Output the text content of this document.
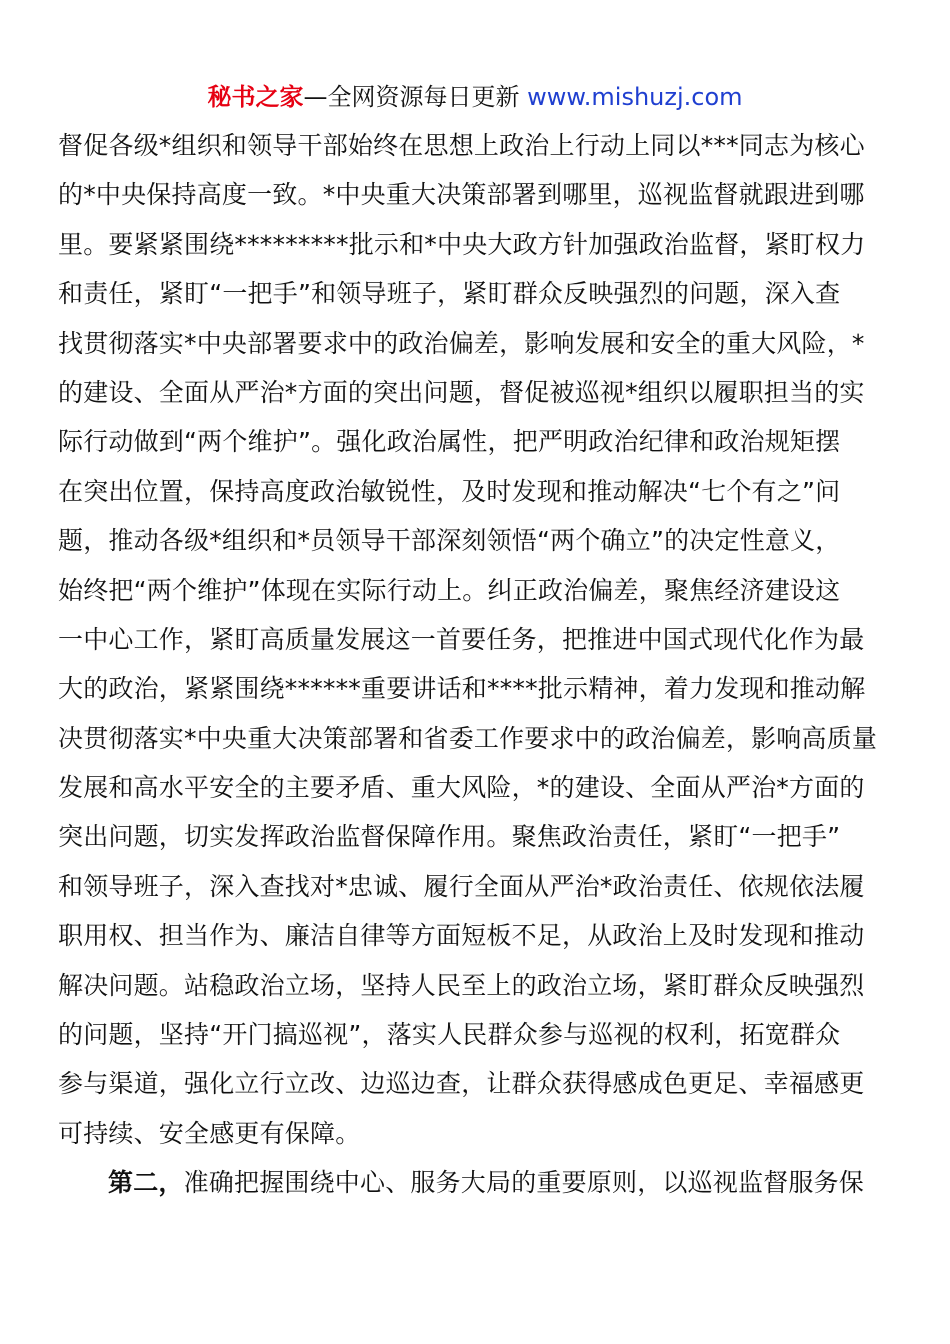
秘书之家—全网资源每日更新 www.mishuzj.com
督促各级*组织和领导干部始终在思想上政治上行动上同以***同志为核心
的*中央保持高度一致。*中央重大决策部署到哪里，巡视监督就跟进到哪
里。要紧紧围绕*********批示和*中央大政方针加强政治监督，紧盯权力
和责任，紧盯“一把手”和领导班子，紧盯群众反映强烈的问题，深入查
找贯彻落实*中央部署要求中的政治偏差，影响发展和安全的重大风险，*
的建设、全面从严治*方面的突出问题，督促被巡视*组织以履职担当的实
际行动做到“两个维护”。强化政治属性，把严明政治纪律和政治规矩摆
在突出位置，保持高度政治敏锐性，及时发现和推动解决“七个有之”问
题，推动各级*组织和*员领导干部深刻领悟“两个确立”的决定性意义，
始终把“两个维护”体现在实际行动上。纠正政治偏差，聚焦经济建设这
一中心工作，紧盯高质量发展这一首要任务，把推进中国式现代化作为最
大的政治，紧紧围绕******重要讲话和****批示精神，着力发现和推动解
决贯彻落实*中央重大决策部署和省委工作要求中的政治偏差，影响高质量
发展和高水平安全的主要矛盾、重大风险，*的建设、全面从严治*方面的
突出问题，切实发挥政治监督保障作用。聚焦政治责任，紧盯“一把手”
和领导班子，深入查找对*忠诚、履行全面从严治*政治责任、依规依法履
职用权、担当作为、廉洁自律等方面短板不足，从政治上及时发现和推动
解决问题。站稳政治立场，坚持人民至上的政治立场，紧盯群众反映强烈
的问题，坚持“开门搞巡视”，落实人民群众参与巡视的权利，拓宽群众
参与渠道，强化立行立改、边巡边查，让群众获得感成色更足、幸福感更
可持续、安全感更有保障。
第二，准确把握围绕中心、服务大局的重要原则，以巡视监督服务保
